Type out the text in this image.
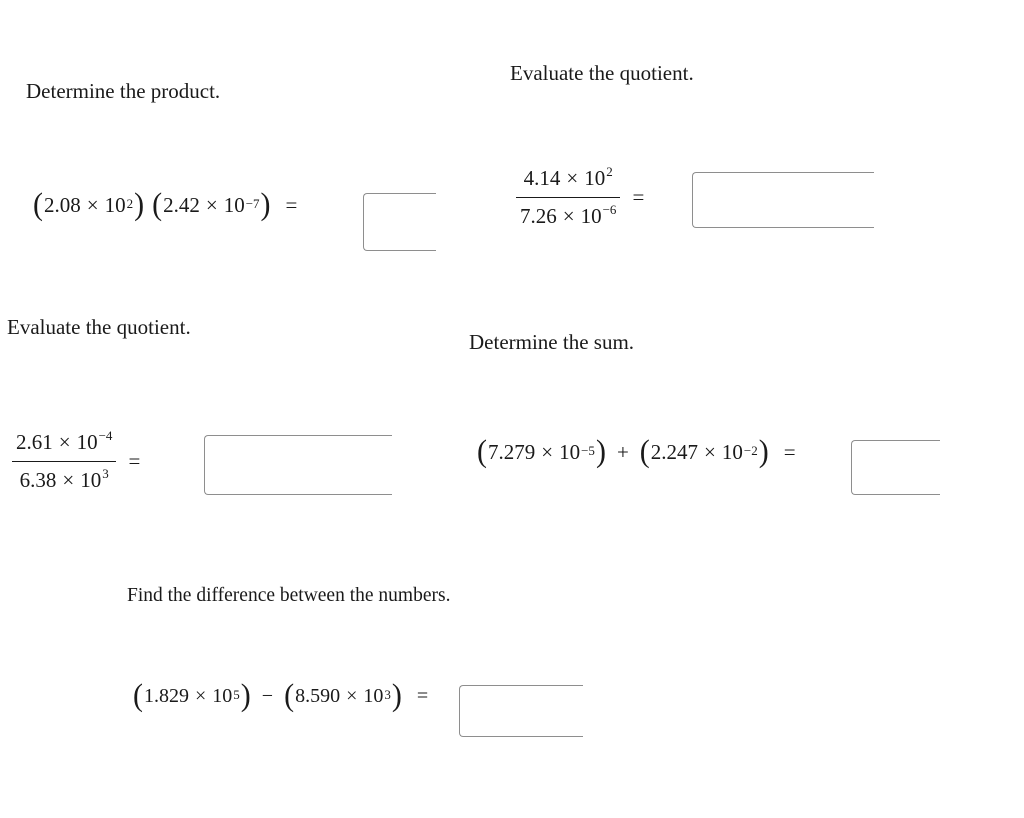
Determine the product.
( $2.08 \times 10^2$ ) ( $2.42 \times 10^{-7}$ ) =
Evaluate the quotient.
$\frac{4.14 \times 10^2}{7.26 \times 10^{-6}}$ =
Evaluate the quotient.
$\frac{2.61 \times 10^{-4}}{6.38 \times 10^3}$ =
Determine the sum.
( $7.279 \times 10^{-5}$ ) + ( $2.247 \times 10^{-2}$ ) =
Find the difference between the numbers.
( $1.829 \times 10^5$ ) − ( $8.590 \times 10^3$ ) =
